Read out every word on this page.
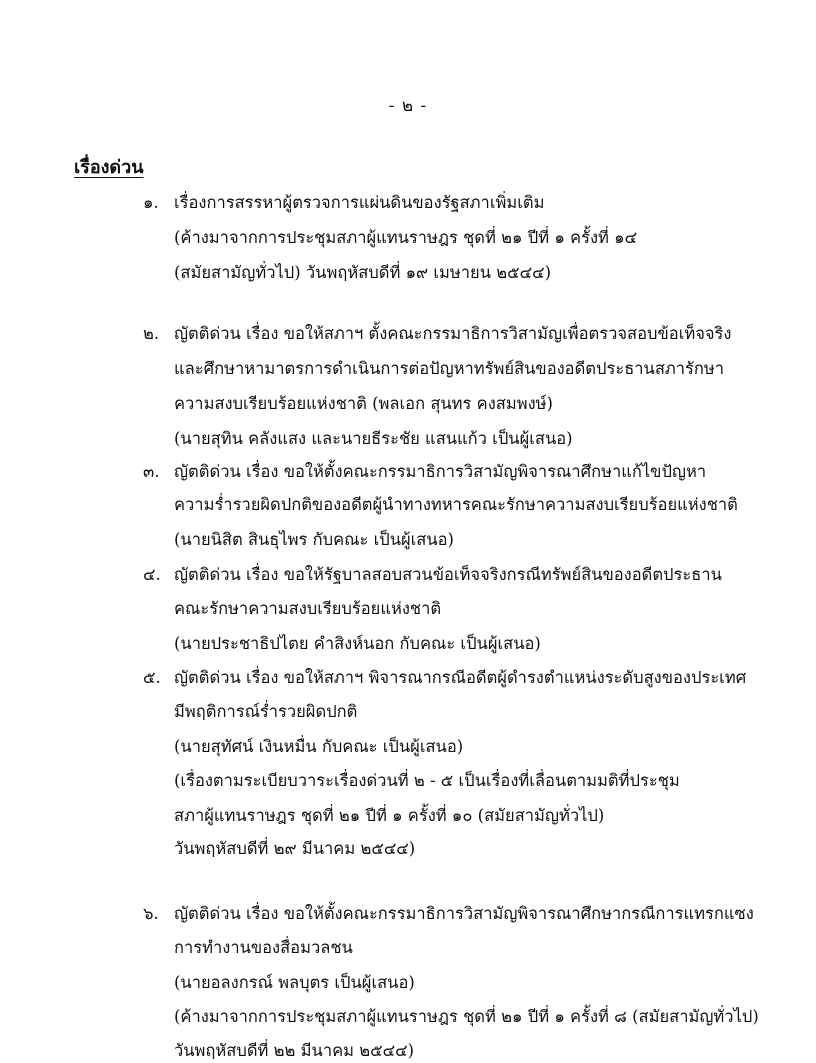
- ๒ -
เรื่องด่วน
๑. เรื่องการสรรหาผู้ตรวจการแผ่นดินของรัฐสภาเพิ่มเติม
(ค้างมาจากการประชุมสภาผู้แทนราษฎร ชุดที่ ๒๑ ปีที่ ๑ ครั้งที่ ๑๔
(สมัยสามัญทั่วไป) วันพฤหัสบดีที่ ๑๙ เมษายน ๒๕๔๔)
๒. ญัตติด่วน เรื่อง ขอให้สภาฯ ตั้งคณะกรรมาธิการวิสามัญเพื่อตรวจสอบข้อเท็จจริง
และศึกษาหามาตรการดำเนินการต่อปัญหาทรัพย์สินของอดีตประธานสภารักษา
ความสงบเรียบร้อยแห่งชาติ (พลเอก สุนทร คงสมพงษ์)
(นายสุทิน คลังแสง และนายธีระชัย แสนแก้ว เป็นผู้เสนอ)
๓. ญัตติด่วน เรื่อง ขอให้ตั้งคณะกรรมาธิการวิสามัญพิจารณาศึกษาแก้ไขปัญหา
ความร่ำรวยผิดปกติของอดีตผู้นำทางทหารคณะรักษาความสงบเรียบร้อยแห่งชาติ
(นายนิสิต สินธุไพร กับคณะ เป็นผู้เสนอ)
๔. ญัตติด่วน เรื่อง ขอให้รัฐบาลสอบสวนข้อเท็จจริงกรณีทรัพย์สินของอดีตประธาน
คณะรักษาความสงบเรียบร้อยแห่งชาติ
(นายประชาธิปไตย คำสิงห์นอก กับคณะ เป็นผู้เสนอ)
๕. ญัตติด่วน เรื่อง ขอให้สภาฯ พิจารณากรณีอดีตผู้ดำรงตำแหน่งระดับสูงของประเทศ
มีพฤติการณ์ร่ำรวยผิดปกติ
(นายสุทัศน์ เงินหมื่น กับคณะ เป็นผู้เสนอ)
(เรื่องตามระเบียบวาระเรื่องด่วนที่ ๒ - ๕ เป็นเรื่องที่เลื่อนตามมติที่ประชุม
สภาผู้แทนราษฎร ชุดที่ ๒๑ ปีที่ ๑ ครั้งที่ ๑๐ (สมัยสามัญทั่วไป)
วันพฤหัสบดีที่ ๒๙ มีนาคม ๒๕๔๔)
๖. ญัตติด่วน เรื่อง ขอให้ตั้งคณะกรรมาธิการวิสามัญพิจารณาศึกษากรณีการแทรกแซง
การทำงานของสื่อมวลชน
(นายอลงกรณ์ พลบุตร เป็นผู้เสนอ)
(ค้างมาจากการประชุมสภาผู้แทนราษฎร ชุดที่ ๒๑ ปีที่ ๑ ครั้งที่ ๘ (สมัยสามัญทั่วไป)
วันพฤหัสบดีที่ ๒๒ มีนาคม ๒๕๔๔)
